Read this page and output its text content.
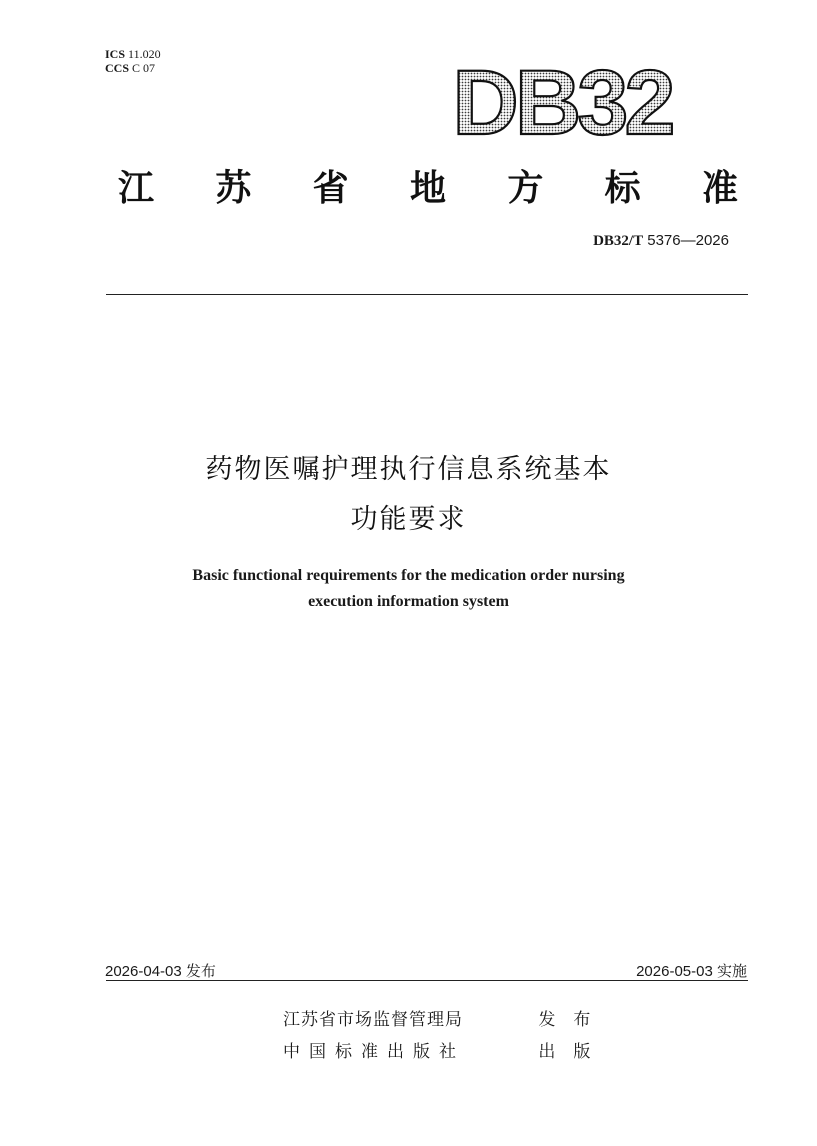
ICS 11.020
CCS C 07	DB32
江 苏 省 地 方 标 准
DB32/T 5376—2026
药物医嘱护理执行信息系统基本
功能要求
Basic functional requirements for the medication order nursing
execution information system
2026-04-03 发布	2026-05-03 实施
江苏省市场监督管理局	发布
中国标准出版社	出版
